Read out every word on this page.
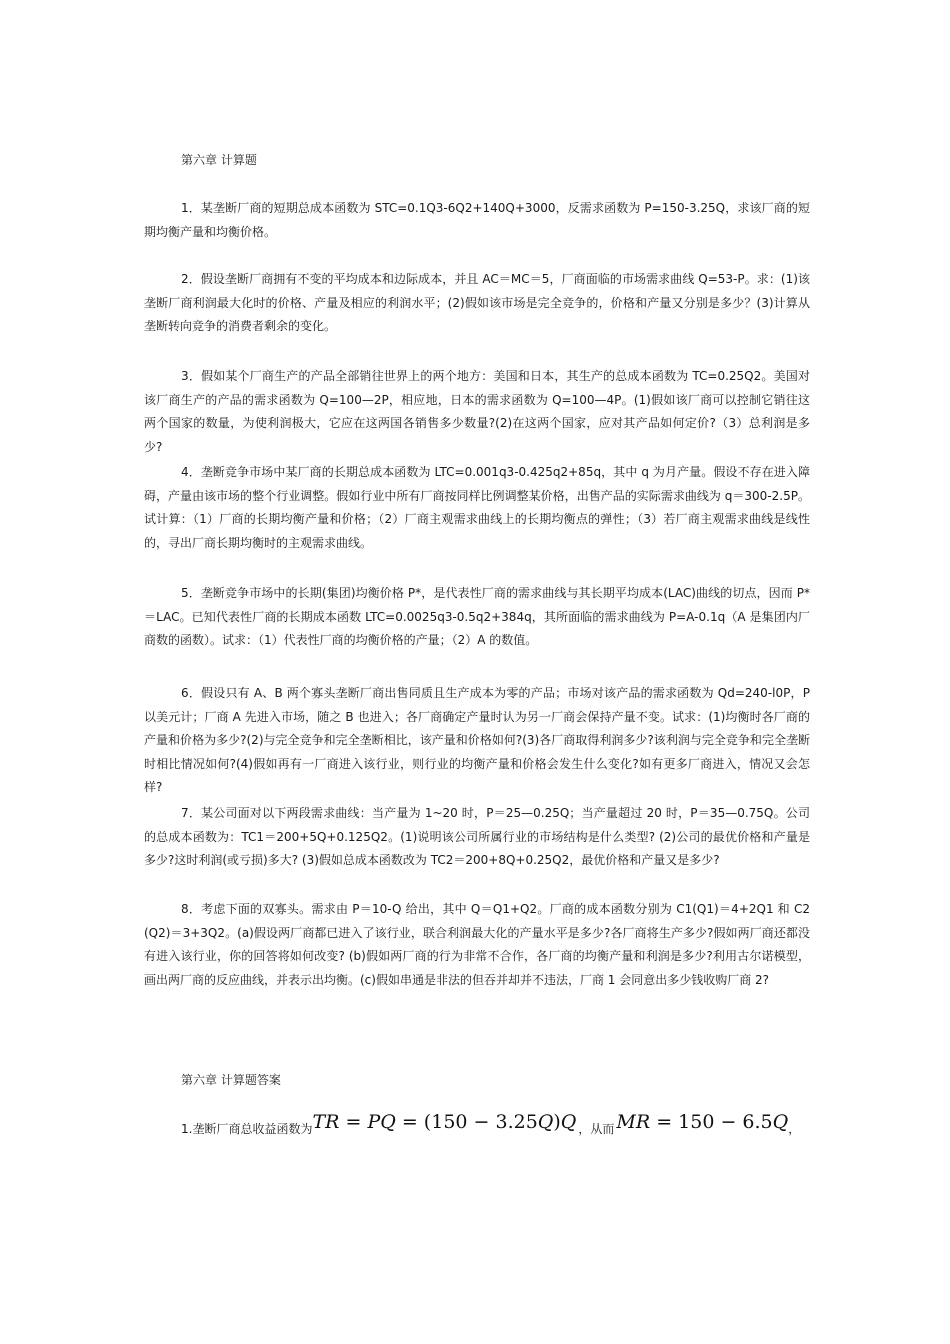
第六章 计算题

1．某垄断厂商的短期总成本函数为 STC=0.1Q3-6Q2+140Q+3000，反需求函数为 P=150-3.25Q，求该厂商的短期均衡产量和均衡价格。

2．假设垄断厂商拥有不变的平均成本和边际成本，并且 AC＝MC＝5，厂商面临的市场需求曲线 Q=53-P。求：(1)该垄断厂商利润最大化时的价格、产量及相应的利润水平；(2)假如该市场是完全竞争的，价格和产量又分别是多少？(3)计算从垄断转向竞争的消费者剩余的变化。

3．假如某个厂商生产的产品全部销往世界上的两个地方：美国和日本，其生产的总成本函数为 TC=0.25Q2。美国对该厂商生产的产品的需求函数为 Q=100—2P，相应地，日本的需求函数为 Q=100—4P。(1)假如该厂商可以控制它销往这两个国家的数量，为使利润极大，它应在这两国各销售多少数量?(2)在这两个国家，应对其产品如何定价?（3）总利润是多少?

4．垄断竞争市场中某厂商的长期总成本函数为 LTC=0.001q3-0.425q2+85q，其中 q 为月产量。假设不存在进入障碍，产量由该市场的整个行业调整。假如行业中所有厂商按同样比例调整某价格，出售产品的实际需求曲线为 q＝300-2.5P。试计算：（1）厂商的长期均衡产量和价格；（2）厂商主观需求曲线上的长期均衡点的弹性；（3）若厂商主观需求曲线是线性的，寻出厂商长期均衡时的主观需求曲线。

5．垄断竞争市场中的长期(集团)均衡价格 P*，是代表性厂商的需求曲线与其长期平均成本(LAC)曲线的切点，因而 P*＝LAC。已知代表性厂商的长期成本函数 LTC=0.0025q3-0.5q2+384q，其所面临的需求曲线为 P=A-0.1q（A 是集团内厂商数的函数）。试求：（1）代表性厂商的均衡价格的产量；（2）A 的数值。

6．假设只有 A、B 两个寡头垄断厂商出售同质且生产成本为零的产品；市场对该产品的需求函数为 Qd=240-l0P，P 以美元计；厂商 A 先进入市场，随之 B 也进入；各厂商确定产量时认为另一厂商会保持产量不变。试求：(1)均衡时各厂商的产量和价格为多少?(2)与完全竞争和完全垄断相比，该产量和价格如何?(3)各厂商取得利润多少?该利润与完全竞争和完全垄断时相比情况如何?(4)假如再有一厂商进入该行业，则行业的均衡产量和价格会发生什么变化?如有更多厂商进入，情况又会怎样?

7．某公司面对以下两段需求曲线：当产量为 1~20 时，P＝25—0.25Q；当产量超过 20 时，P＝35—0.75Q。公司的总成本函数为：TC1＝200+5Q+0.125Q2。(1)说明该公司所属行业的市场结构是什么类型? (2)公司的最优价格和产量是多少?这时利润(或亏损)多大? (3)假如总成本函数改为 TC2＝200+8Q+0.25Q2，最优价格和产量又是多少?

8．考虑下面的双寡头。需求由 P＝10-Q 给出，其中 Q＝Q1+Q2。厂商的成本函数分别为 C1(Q1)＝4+2Q1 和 C2(Q2)＝3+3Q2。(a)假设两厂商都已进入了该行业，联合利润最大化的产量水平是多少?各厂商将生产多少?假如两厂商还都没有进入该行业，你的回答将如何改变? (b)假如两厂商的行为非常不合作，各厂商的均衡产量和利润是多少?利用古尔诺模型，画出两厂商的反应曲线，并表示出均衡。(c)假如串通是非法的但吞并却并不违法，厂商 1 会同意出多少钱收购厂商 2?

第六章 计算题答案
1.垄断厂商总收益函数为 TR = PQ = (150 − 3.25Q)Q ，从而 MR = 150 − 6.5Q ，
